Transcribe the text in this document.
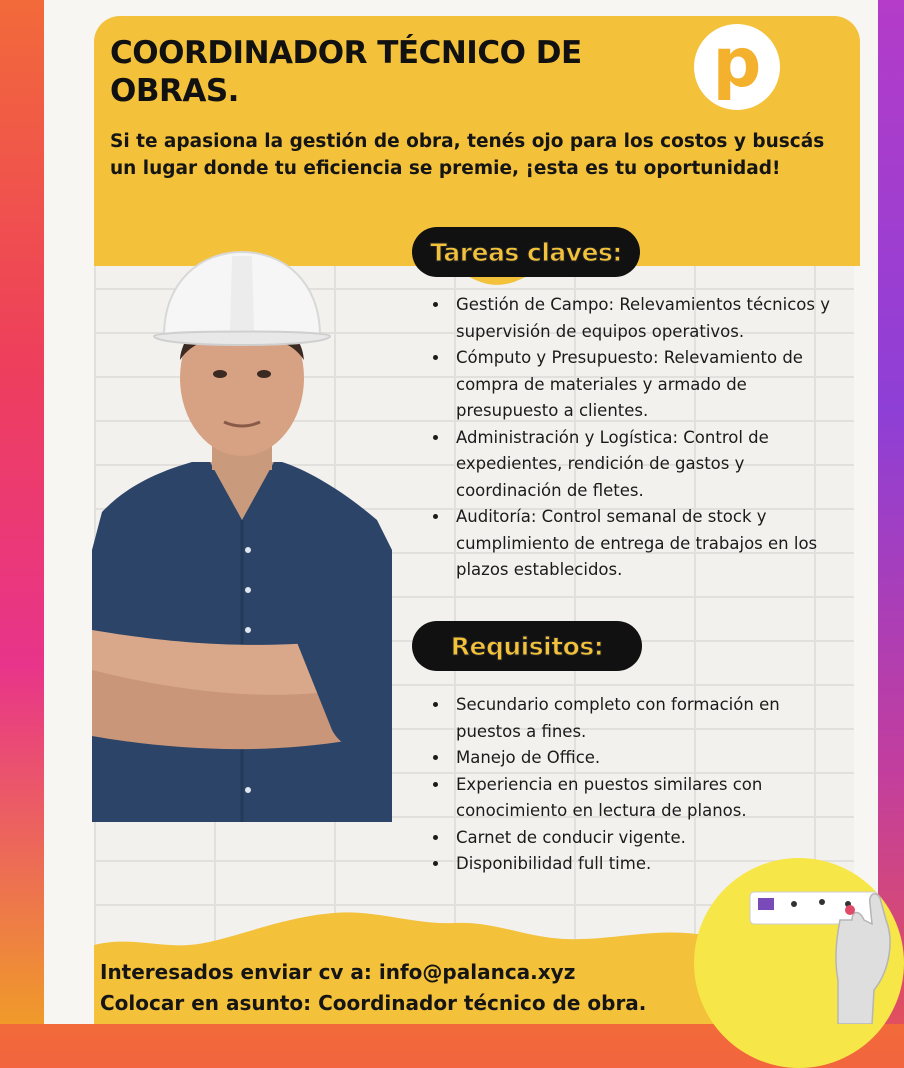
COORDINADOR TÉCNICO DE OBRAS.
Si te apasiona la gestión de obra, tenés ojo para los costos y buscás un lugar donde tu eficiencia se premie, ¡esta es tu oportunidad!
p
Tareas claves:
• Gestión de Campo: Relevamientos técnicos y supervisión de equipos operativos.
• Cómputo y Presupuesto: Relevamiento de compra de materiales y armado de presupuesto a clientes.
• Administración y Logística: Control de expedientes, rendición de gastos y coordinación de fletes.
• Auditoría: Control semanal de stock y cumplimiento de entrega de trabajos en los plazos establecidos.
Requisitos:
• Secundario completo con formación en puestos a fines.
• Manejo de Office.
• Experiencia en puestos similares con conocimiento en lectura de planos.
• Carnet de conducir vigente.
• Disponibilidad full time.
Interesados enviar cv a: info@palanca.xyz
Colocar en asunto: Coordinador técnico de obra.
